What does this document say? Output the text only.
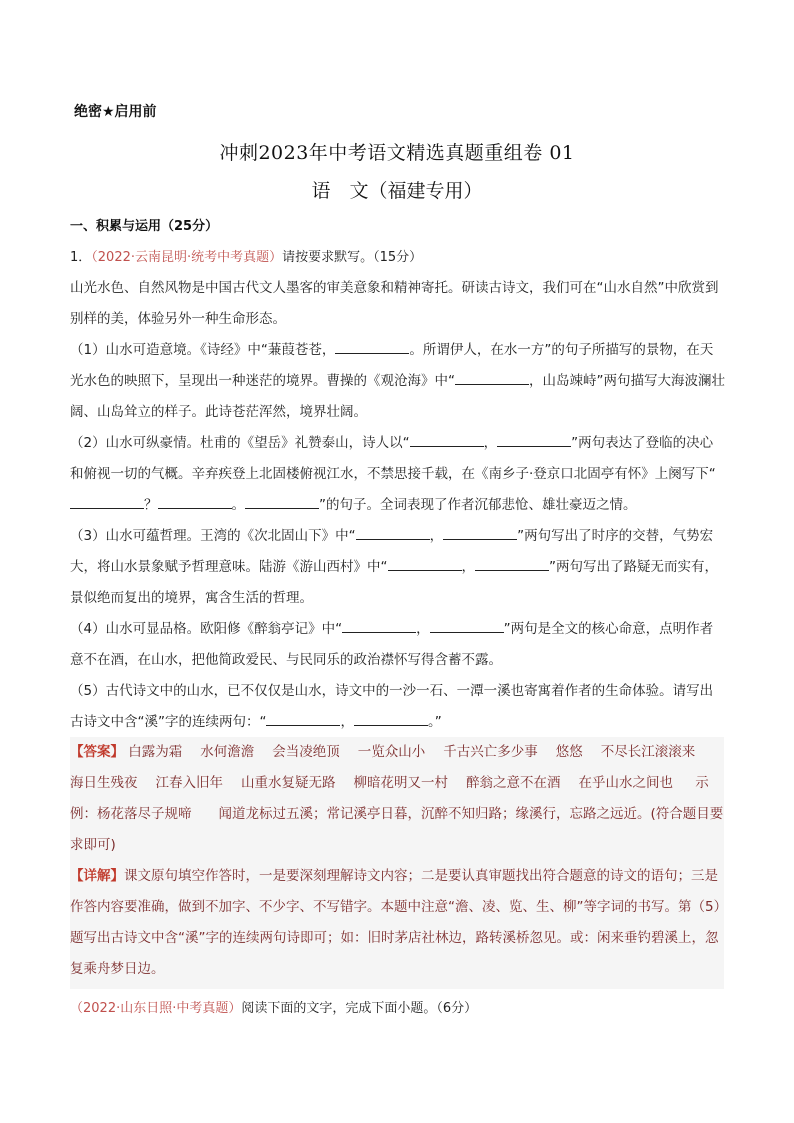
绝密★启用前
冲刺2023年中考语文精选真题重组卷 01
语　文（福建专用）
一、积累与运用（25分）
1．（2022·云南昆明·统考中考真题）请按要求默写。（15分）
山光水色、自然风物是中国古代文人墨客的审美意象和精神寄托。研读古诗文，我们可在“山水自然”中欣赏到别样的美，体验另外一种生命形态。
（1）山水可造意境。《诗经》中“蒹葭苍苍，	。所谓伊人，在水一方”的句子所描写的景物，在天光水色的映照下，呈现出一种迷茫的境界。曹操的《观沧海》中“	，山岛竦峙”两句描写大海波澜壮阔、山岛耸立的样子。此诗苍茫浑然，境界壮阔。
（2）山水可纵豪情。杜甫的《望岳》礼赞泰山，诗人以“	，	”两句表达了登临的决心和俯视一切的气概。辛弃疾登上北固楼俯视江水，不禁思接千载，在《南乡子·登京口北固亭有怀》上阕写下“？	。	”的句子。全词表现了作者沉郁悲怆、雄壮豪迈之情。
（3）山水可蕴哲理。王湾的《次北固山下》中“	，	”两句写出了时序的交替，气势宏大，将山水景象赋予哲理意味。陆游《游山西村》中“	，	”两句写出了路疑无而实有，景似绝而复出的境界，寓含生活的哲理。
（4）山水可显品格。欧阳修《醉翁亭记》中“	，	”两句是全文的核心命意，点明作者意不在酒，在山水，把他简政爱民、与民同乐的政治襟怀写得含蓄不露。
（5）古代诗文中的山水，已不仅仅是山水，诗文中的一沙一石、一潭一溪也寄寓着作者的生命体验。请写出古诗文中含“溪”字的连续两句：“	，	。”
【答案】 白露为霜 水何澹澹 会当凌绝顶 一览众山小 千古兴亡多少事 悠悠 不尽长江滚滚来海日生残夜 江春入旧年 山重水复疑无路 柳暗花明又一村 醉翁之意不在酒 在乎山水之间也 示例：杨花落尽子规啼　　闻道龙标过五溪；常记溪亭日暮，沉醉不知归路；缘溪行，忘路之远近。(符合题目要求即可)
【详解】课文原句填空作答时，一是要深刻理解诗文内容；二是要认真审题找出符合题意的诗文的语句；三是作答内容要准确，做到不加字、不少字、不写错字。本题中注意“澹、凌、览、生、柳”等字词的书写。第（5）题写出古诗文中含“溪”字的连续两句诗即可；如：旧时茅店社林边，路转溪桥忽见。或：闲来垂钓碧溪上，忽复乘舟梦日边。
（2022·山东日照·中考真题）阅读下面的文字，完成下面小题。（6分）
